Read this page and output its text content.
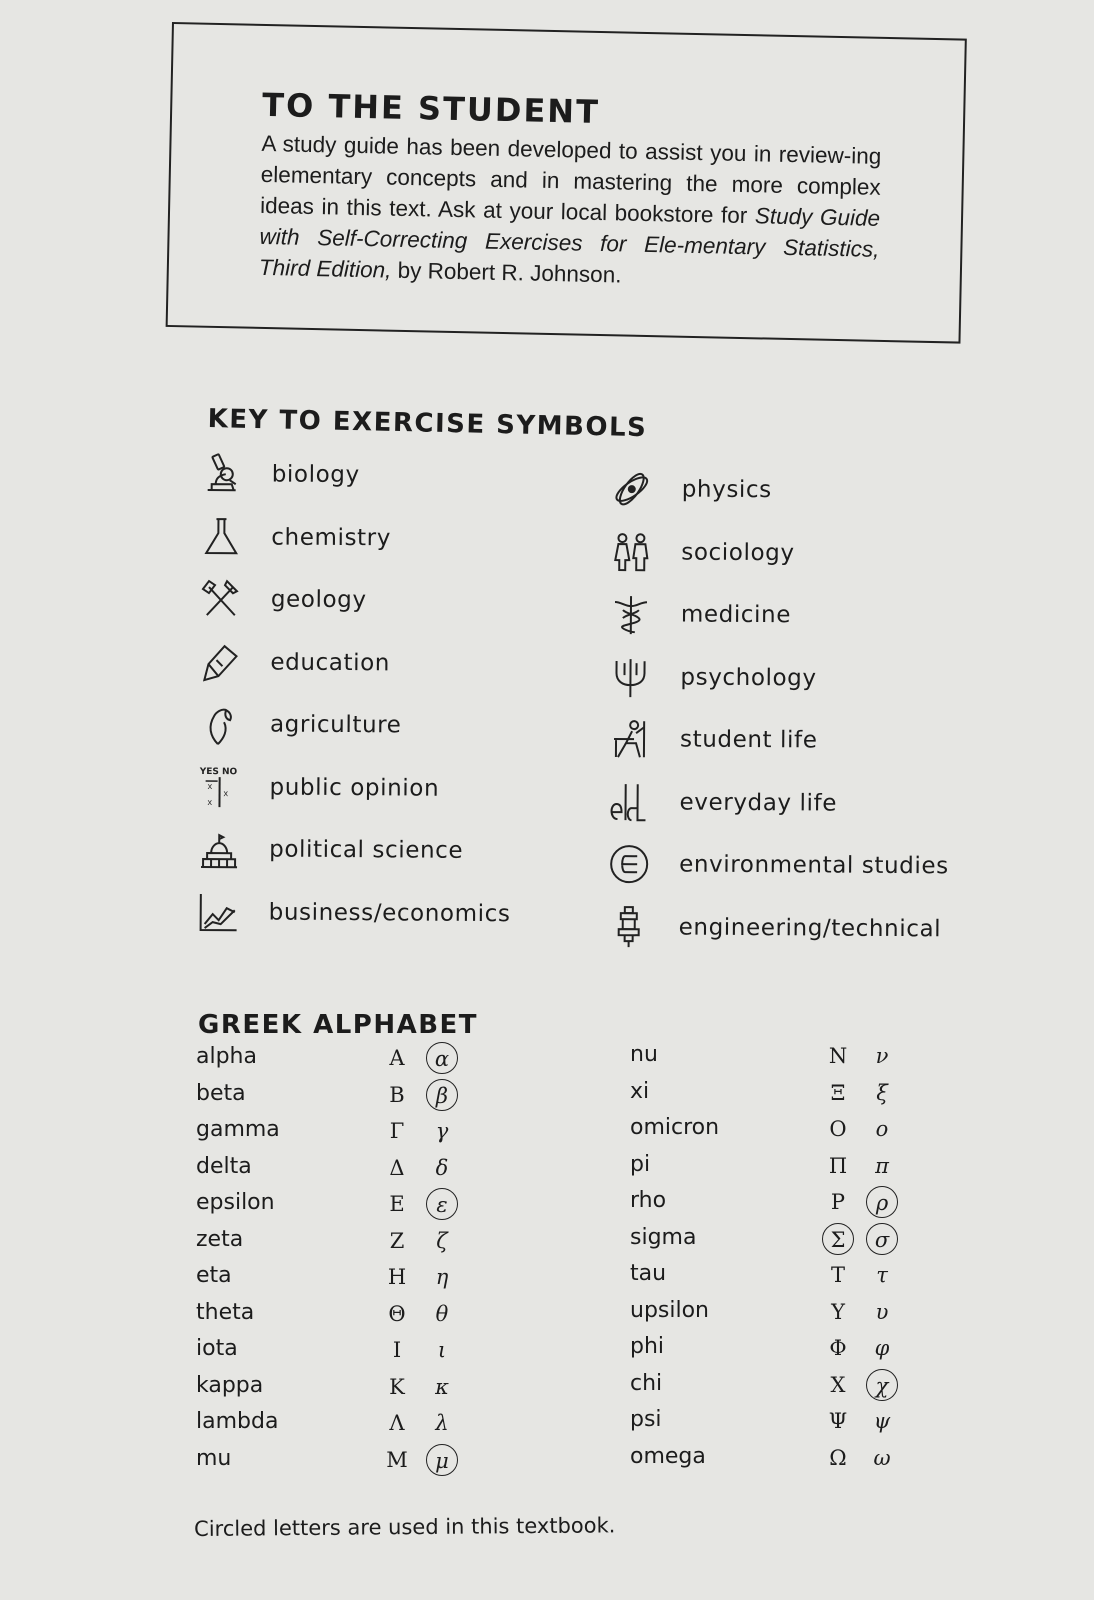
TO THE STUDENT
A study guide has been developed to assist you in review-ing elementary concepts and in mastering the more complex ideas in this text. Ask at your local bookstore for Study Guide with Self-Correcting Exercises for Ele-mentary Statistics, Third Edition, by Robert R. Johnson.
KEY TO EXERCISE SYMBOLS
biology
chemistry
geology
education
agriculture
YES NO
x
x
x
public opinion
political science
business/economics
physics
sociology
medicine
psychology
student life
everyday life
environmental studies
engineering/technical
GREEK ALPHABET
alpha	Α	α
beta	Β	β
gamma	Γ	γ
delta	Δ	δ
epsilon	Ε	ε
zeta	Ζ	ζ
eta	Η	η
theta	Θ	θ
iota	Ι	ι
kappa	Κ	κ
lambda	Λ	λ
mu	Μ	μ
nu	Ν	ν
xi	Ξ	ξ
omicron	Ο	ο
pi	Π	π
rho	Ρ	ρ
sigma	Σ	σ
tau	Τ	τ
upsilon	Υ	υ
phi	Φ	φ
chi	Χ	χ
psi	Ψ	ψ
omega	Ω	ω
Circled letters are used in this textbook.
